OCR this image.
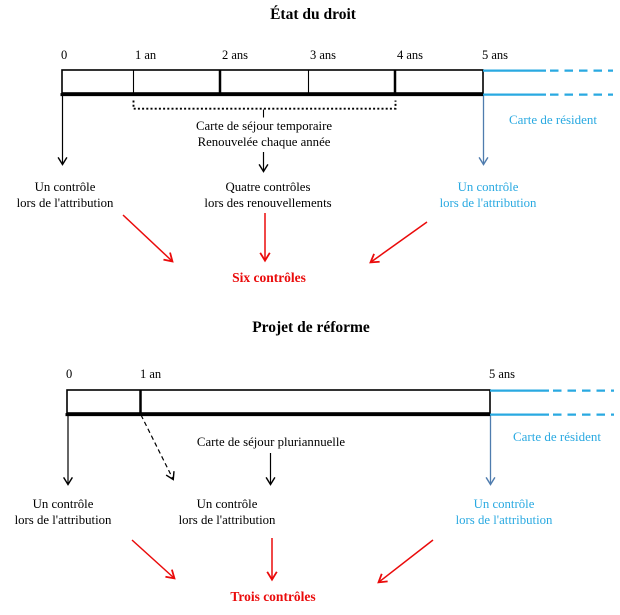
État du droit
0	1 an	2 ans	3 ans	4 ans	5 ans
Carte de séjour temporaire
Renouvelée chaque année
Carte de résident
Un contrôle
lors de l'attribution
Quatre contrôles
lors des renouvellements
Un contrôle
lors de l'attribution
Six contrôles
Projet de réforme
0	1 an	5 ans
Carte de séjour pluriannuelle	Carte de résident
Un contrôle
lors de l'attribution
Un contrôle
lors de l'attribution
Un contrôle
lors de l'attribution
Trois contrôles
